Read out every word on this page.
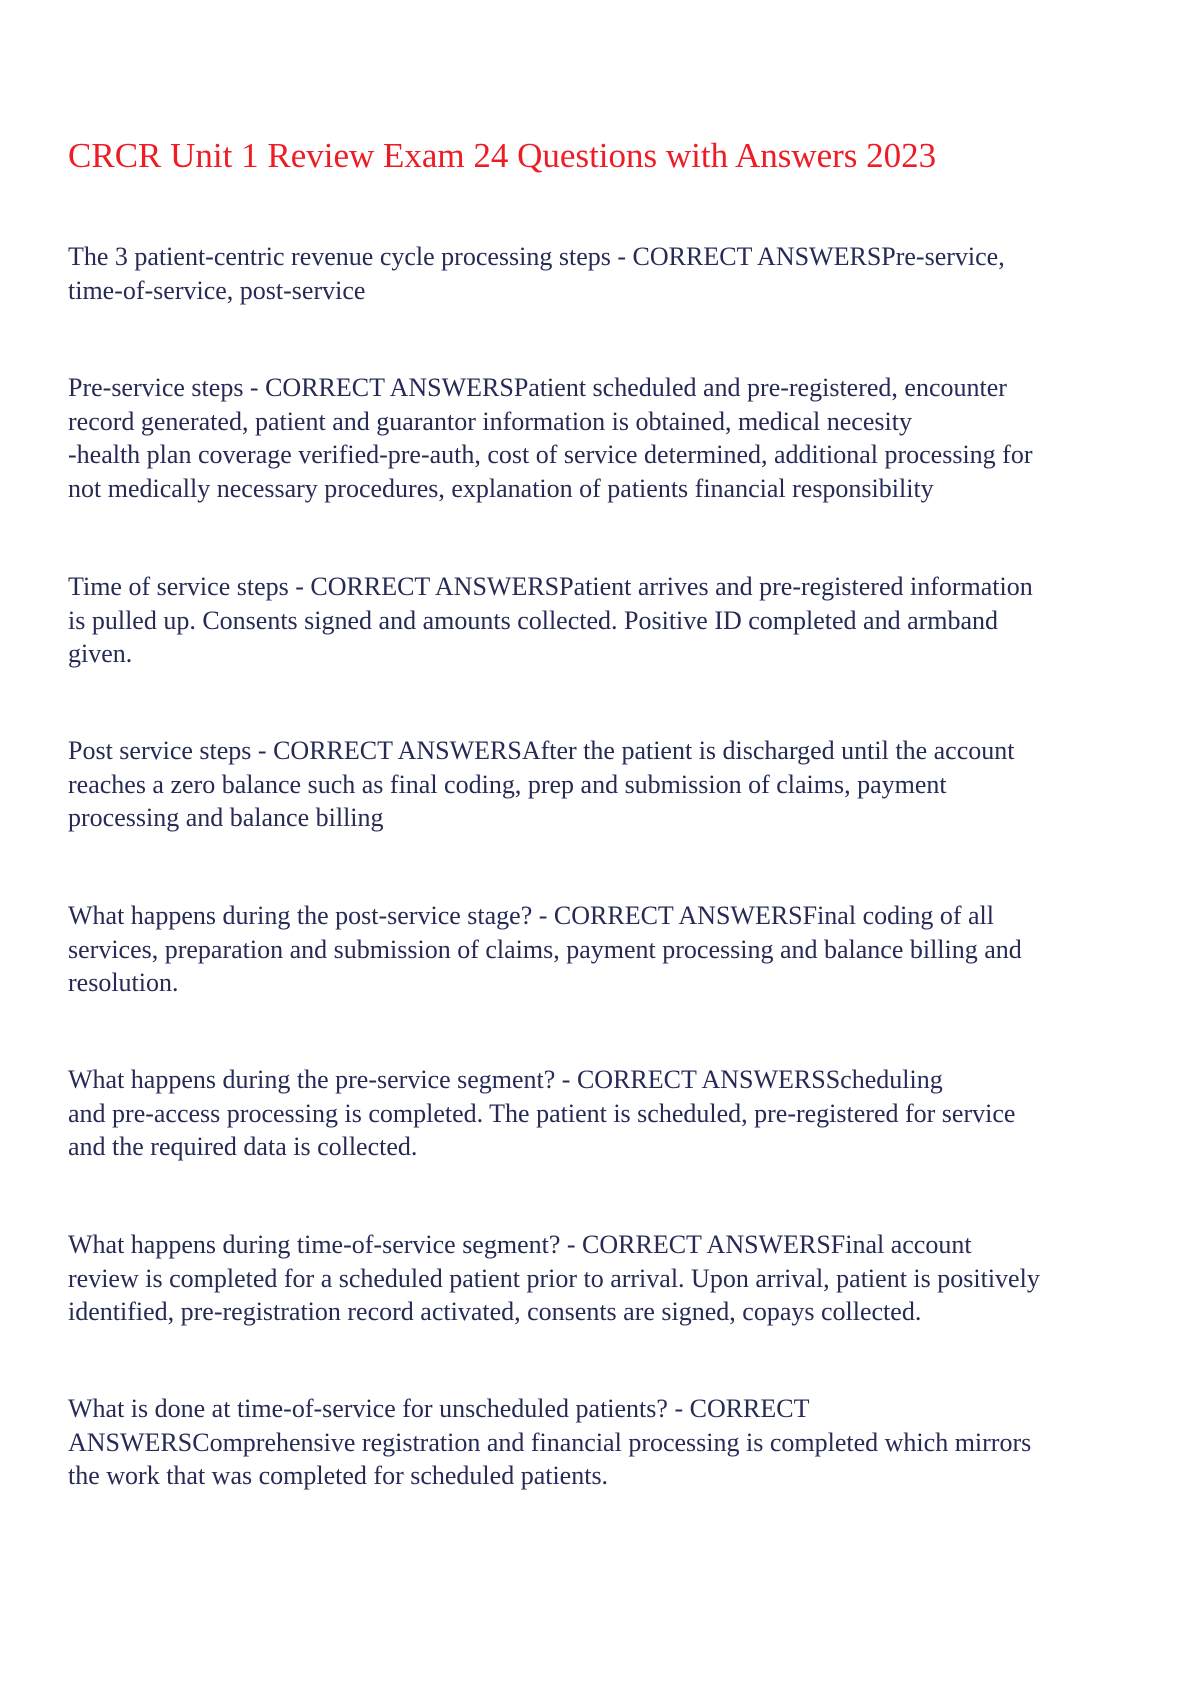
CRCR Unit 1 Review Exam 24 Questions with Answers 2023

The 3 patient-centric revenue cycle processing steps - CORRECT ANSWERSPre-service,
time-of-service, post-service

Pre-service steps - CORRECT ANSWERSPatient scheduled and pre-registered, encounter
record generated, patient and guarantor information is obtained, medical necesity
-health plan coverage verified-pre-auth, cost of service determined, additional processing for
not medically necessary procedures, explanation of patients financial responsibility

Time of service steps - CORRECT ANSWERSPatient arrives and pre-registered information
is pulled up. Consents signed and amounts collected. Positive ID completed and armband
given.

Post service steps - CORRECT ANSWERSAfter the patient is discharged until the account
reaches a zero balance such as final coding, prep and submission of claims, payment
processing and balance billing

What happens during the post-service stage? - CORRECT ANSWERSFinal coding of all
services, preparation and submission of claims, payment processing and balance billing and
resolution.

What happens during the pre-service segment? - CORRECT ANSWERSScheduling
and pre-access processing is completed. The patient is scheduled, pre-registered for service
and the required data is collected.

What happens during time-of-service segment? - CORRECT ANSWERSFinal account
review is completed for a scheduled patient prior to arrival. Upon arrival, patient is positively
identified, pre-registration record activated, consents are signed, copays collected.

What is done at time-of-service for unscheduled patients? - CORRECT
ANSWERSComprehensive registration and financial processing is completed which mirrors
the work that was completed for scheduled patients.
